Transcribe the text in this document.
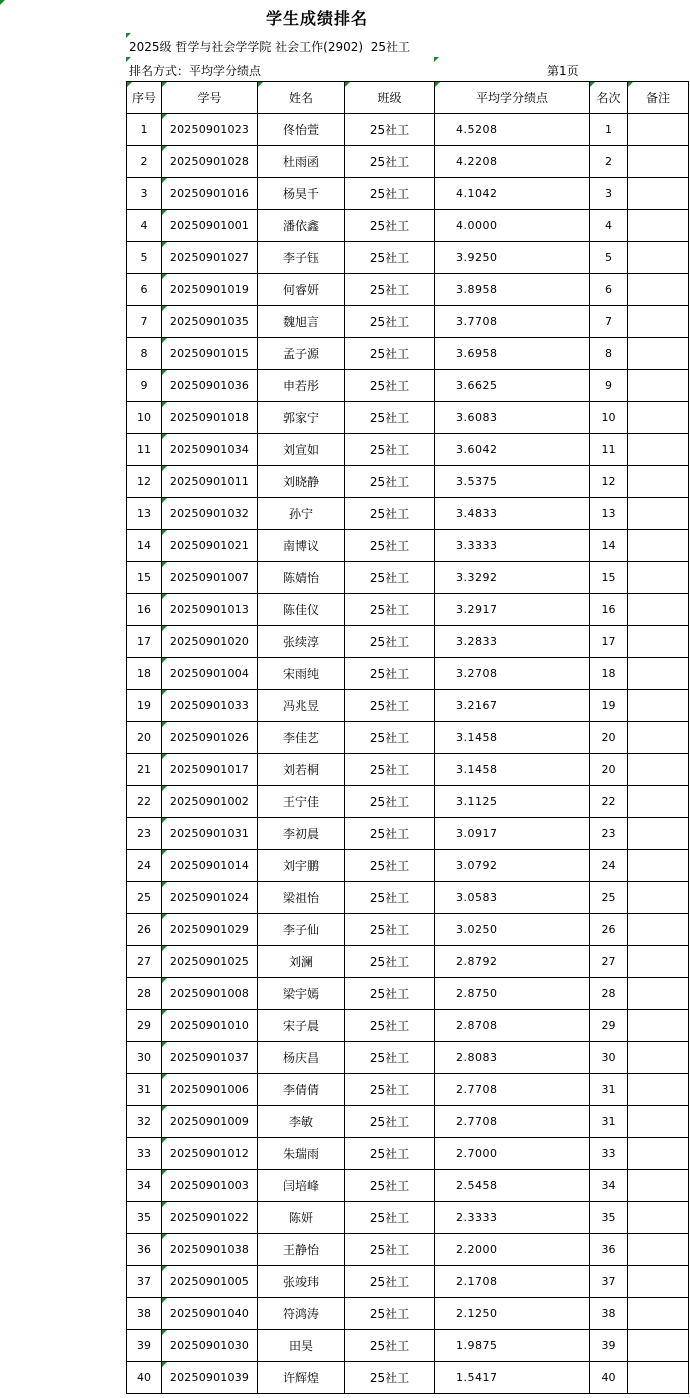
学生成绩排名
2025级 哲学与社会学学院 社会工作(2902)  25社工
排名方式：平均学分绩点	第1页
序号	学号	姓名	班级	平均学分绩点	名次	备注
1	20250901023	佟怡萱	25社工	4.5208	1	
2	20250901028	杜雨函	25社工	4.2208	2	
3	20250901016	杨昊千	25社工	4.1042	3	
4	20250901001	潘依鑫	25社工	4.0000	4	
5	20250901027	李子钰	25社工	3.9250	5	
6	20250901019	何睿妍	25社工	3.8958	6	
7	20250901035	魏旭言	25社工	3.7708	7	
8	20250901015	孟子源	25社工	3.6958	8	
9	20250901036	申若彤	25社工	3.6625	9	
10	20250901018	郭家宁	25社工	3.6083	10	
11	20250901034	刘宣如	25社工	3.6042	11	
12	20250901011	刘晓静	25社工	3.5375	12	
13	20250901032	孙宁	25社工	3.4833	13	
14	20250901021	南博议	25社工	3.3333	14	
15	20250901007	陈婧怡	25社工	3.3292	15	
16	20250901013	陈佳仪	25社工	3.2917	16	
17	20250901020	张续淳	25社工	3.2833	17	
18	20250901004	宋雨纯	25社工	3.2708	18	
19	20250901033	冯兆昱	25社工	3.2167	19	
20	20250901026	李佳艺	25社工	3.1458	20	
21	20250901017	刘若桐	25社工	3.1458	20	
22	20250901002	王宁佳	25社工	3.1125	22	
23	20250901031	李初晨	25社工	3.0917	23	
24	20250901014	刘宇鹏	25社工	3.0792	24	
25	20250901024	梁祖怡	25社工	3.0583	25	
26	20250901029	李子仙	25社工	3.0250	26	
27	20250901025	刘澜	25社工	2.8792	27	
28	20250901008	梁宇嫣	25社工	2.8750	28	
29	20250901010	宋子晨	25社工	2.8708	29	
30	20250901037	杨庆昌	25社工	2.8083	30	
31	20250901006	李倩倩	25社工	2.7708	31	
32	20250901009	李敏	25社工	2.7708	31	
33	20250901012	朱瑞雨	25社工	2.7000	33	
34	20250901003	闫培峰	25社工	2.5458	34	
35	20250901022	陈妍	25社工	2.3333	35	
36	20250901038	王静怡	25社工	2.2000	36	
37	20250901005	张竣玮	25社工	2.1708	37	
38	20250901040	符鸿涛	25社工	2.1250	38	
39	20250901030	田昊	25社工	1.9875	39	
40	20250901039	许辉煌	25社工	1.5417	40	
